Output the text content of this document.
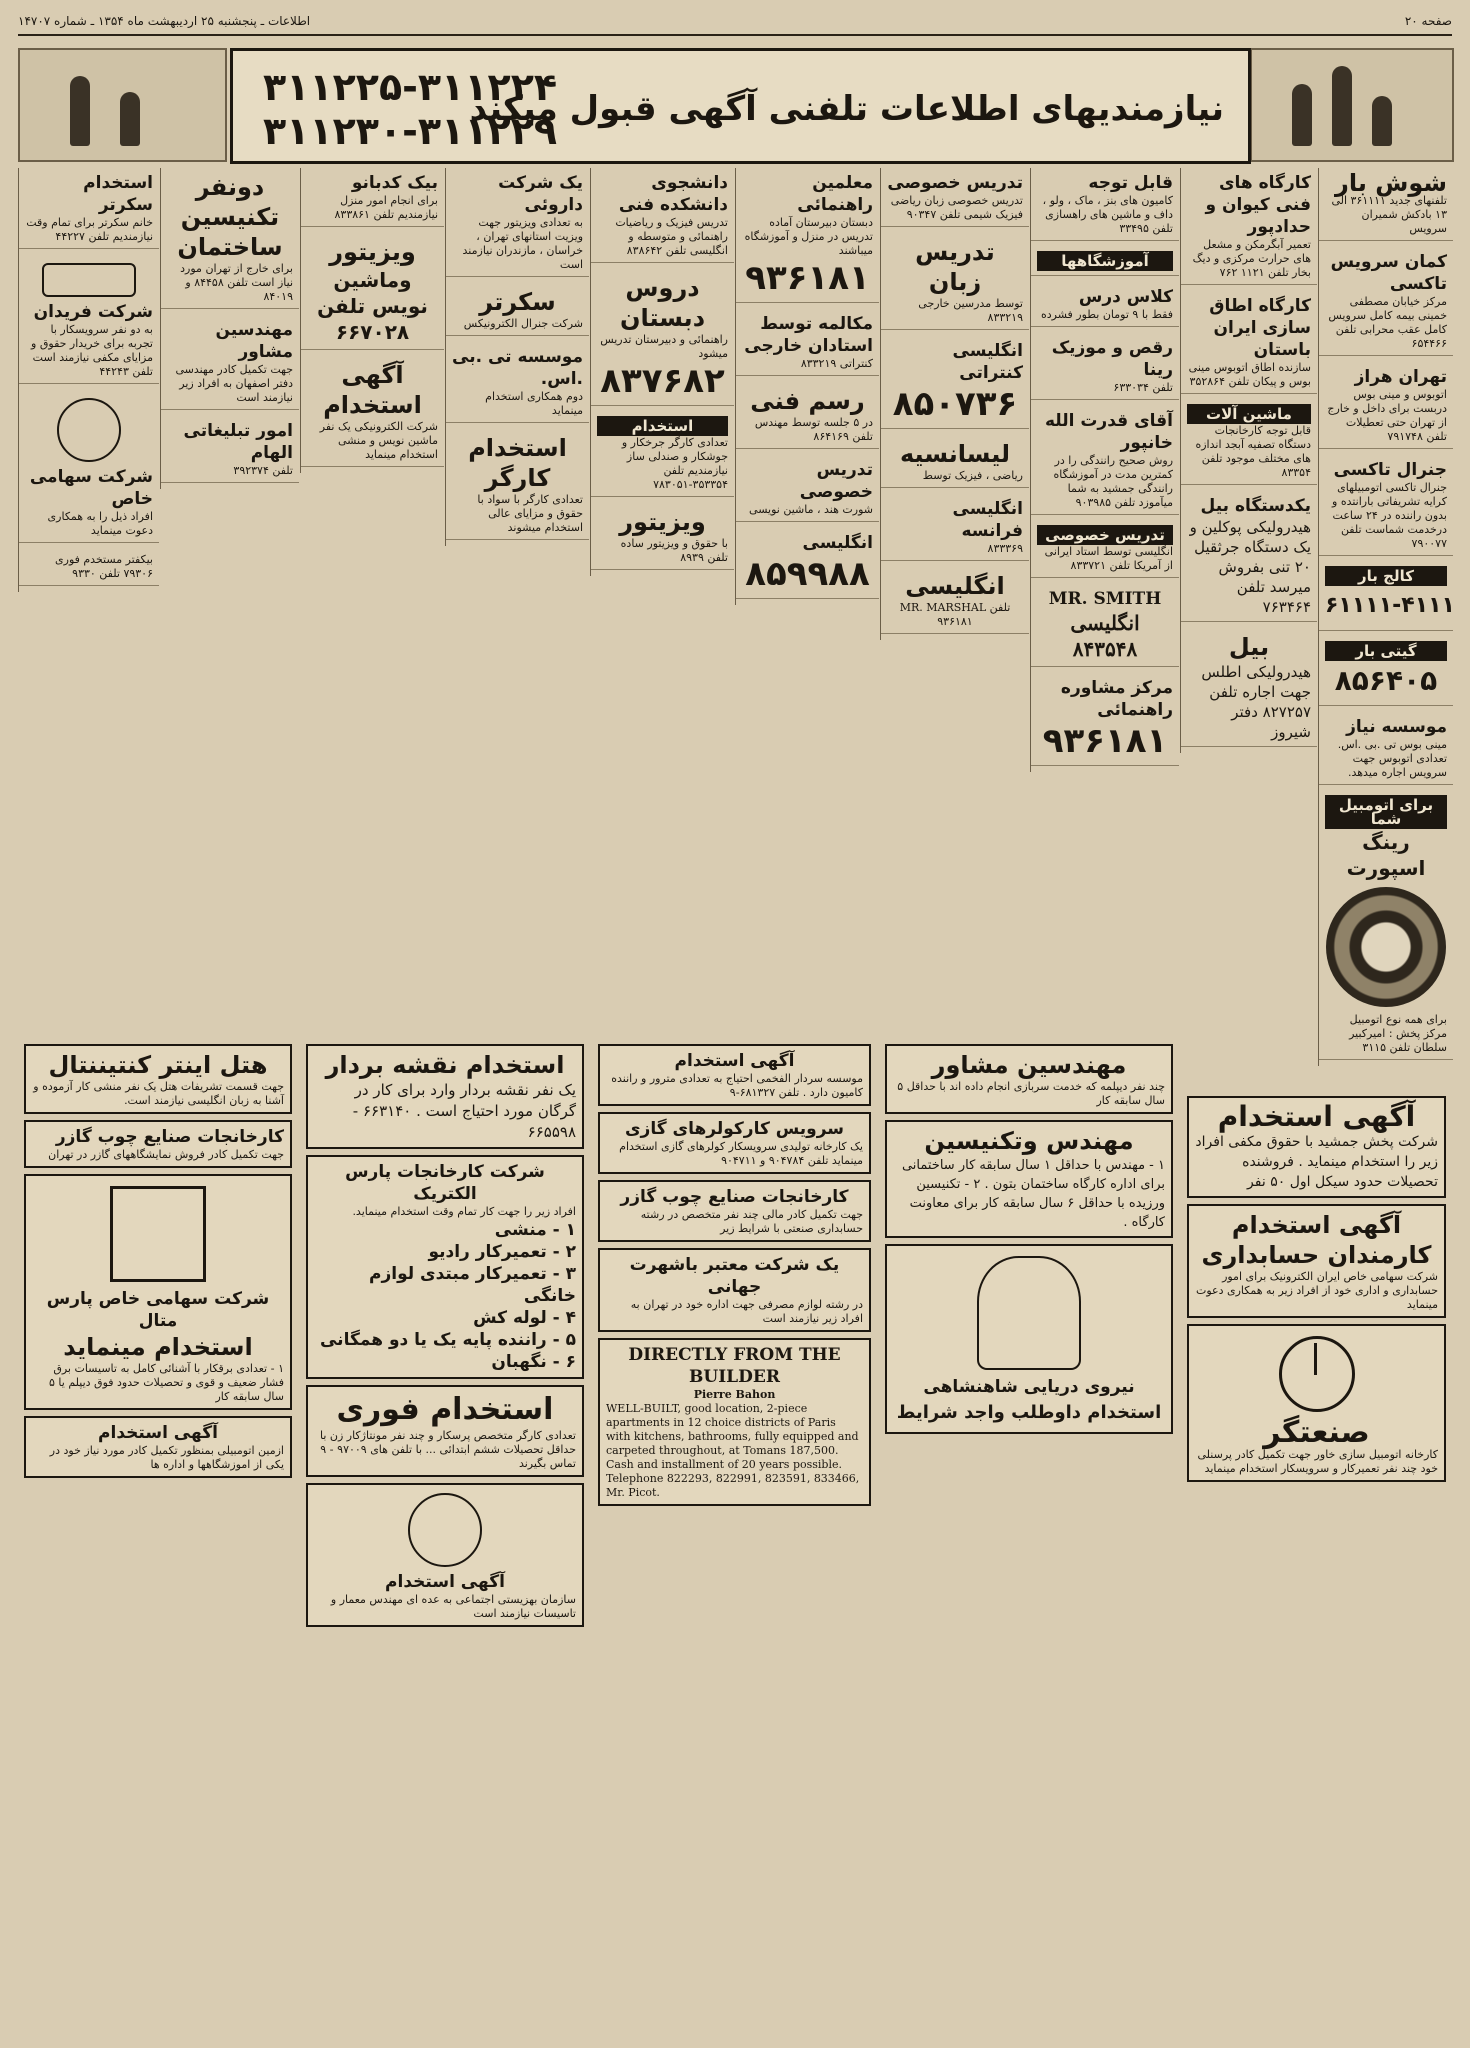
صفحه ۲۰
اطلاعات ـ پنجشنبه ۲۵ اردیبهشت ماه ۱۳۵۴ ـ شماره ۱۴۷۰۷
نیازمندیهای اطلاعات تلفنی آگهی قبول میکند
۳۱۱۲۲۵-۳۱۱۲۲۴
۳۱۱۲۳۰-۳۱۱۲۲۹
شوش بار
تلفنهای جدید ۳۶۱۱۱۱ الی ۱۳ بادکش شمیران سرویس
کمان سرویس تاکسی
مرکز خیابان مصطفی خمینی بیمه کامل سرویس کامل عقب محرابی تلفن ۶۵۴۴۶۶
تهران هراز
اتوبوس و مینی بوس دربست برای داخل و خارج از تهران حتی تعطیلات تلفن ۷۹۱۷۴۸
جنرال تاکسی
جنرال تاکسی اتومبیلهای کرایه تشریفاتی بارانتده و بدون راننده در ۲۴ ساعت درخدمت شماست تلفن ۷۹۰۰۷۷
کالج بار
۶۱۱۱۱-۴۱۱۱
گیتی بار
۸۵۶۴۰۵
موسسه نیاز
مینی بوس تی .بی .اس. تعدادی اتوبوس جهت سرویس اجاره میدهد.
برای اتومبیل شما
رینگ اسپورت
برای همه نوع اتومبیل مرکز پخش : امیرکبیر سلطان تلفن ۳۱۱۵
کارگاه های فنی کیوان و حدادپور
تعمیر آبگرمکن و مشعل های حرارت مرکزی و دیگ بخار تلفن ۱۱۲۱ ۷۶۲
کارگاه اطاق سازی ایران باستان
سازنده اطاق اتوبوس مینی بوس و پیکان تلفن ۳۵۲۸۶۴
ماشین آلات
قابل توجه کارخانجات دستگاه تصفیه آبجد اندازه های مختلف موجود تلفن ۸۳۳۵۴
یکدستگاه بیل
هیدرولیکی پوکلین و یک دستگاه جرثقیل ۲۰ تنی بفروش میرسد تلفن ۷۶۳۴۶۴
بیل
هیدرولیکی اطلس جهت اجاره تلفن ۸۲۷۲۵۷ دفتر شیروز
قابل توجه
کامیون های بنز ، ماک ، ولو ، داف و ماشین های راهسازی تلفن ۳۳۴۹۵
آموزشگاهها
کلاس درس
فقط با ۹ تومان بطور فشرده
رقص و موزیک رینا
تلفن ۶۳۳۰۳۴
آقای قدرت الله خانپور
روش صحیح رانندگی را در کمترین مدت در آموزشگاه رانندگی جمشید به شما میآموزد تلفن ۹۰۳۹۸۵
تدریس خصوصی
انگلیسی توسط استاد ایرانی از آمریکا تلفن ۸۳۳۷۲۱
MR. SMITH
انگلیسی ۸۴۳۵۴۸
مرکز مشاوره راهنمائی
۹۳۶۱۸۱
تدریس خصوصی
تدریس خصوصی زبان ریاضی فیزیک شیمی تلفن ۹۰۳۴۷
تدریس زبان
توسط مدرسین خارجی ۸۳۳۲۱۹
انگلیسی کنتراتی
۸۵۰۷۳۶
لیسانسیه
ریاضی ، فیزیک توسط
انگلیسی فرانسه
۸۳۳۳۶۹
انگلیسی
MR. MARSHAL تلفن ۹۳۶۱۸۱
معلمین راهنمائی
دبستان دبیرستان آماده تدریس در منزل و آموزشگاه میباشند
۹۳۶۱۸۱
مکالمه توسط استادان خارجی
کنتراتی ۸۳۳۲۱۹
رسم فنی
در ۵ جلسه توسط مهندس تلفن ۸۶۴۱۶۹
تدریس خصوصی
شورت هند ، ماشین نویسی
انگلیسی
۸۵۹۹۸۸
دانشجوی دانشکده فنی
تدریس فیزیک و ریاضیات راهنمائی و متوسطه و انگلیسی تلفن ۸۳۸۶۴۲
دروس دبستان
راهنمائی و دبیرستان تدریس میشود
۸۳۷۶۸۲
استخدام
تعدادی کارگر جرخکار و جوشکار و صندلی ساز نیازمندیم تلفن ۳۵۳۳۵۴-۷۸۳۰۵۱
ویزیتور
با حقوق و ویزیتور ساده تلفن ۸۹۳۹
یک شرکت داروئی
به تعدادی ویزیتور جهت ویزیت استانهای تهران ، خراسان ، مازندران نیازمند است
سکرتر
شرکت جنرال الکترونیکس
موسسه تی .بی .اس.
دوم همکاری استخدام مینماید
استخدام کارگر
تعدادی کارگر با سواد با حقوق و مزایای عالی استخدام میشوند
بیک کدبانو
برای انجام امور منزل نیازمندیم تلفن ۸۳۳۸۶۱
ویزیتور
وماشین نویس تلفن ۶۶۷۰۲۸
آگهی استخدام
شرکت الکترونیکی یک نفر ماشین نویس و منشی استخدام مینماید
دونفر تکنیسین ساختمان
برای خارج از تهران مورد نیاز است تلفن ۸۴۴۵۸ و ۸۴۰۱۹
مهندسین مشاور
جهت تکمیل کادر مهندسی دفتر اصفهان به افراد زیر نیازمند است
امور تبلیغاتی الهام
تلفن ۳۹۲۳۷۴
استخدام سکرتر
خانم سکرتر برای تمام وقت نیازمندیم تلفن ۴۴۲۲۷
شرکت فریدان
به دو نفر سرویسکار با تجربه برای خریدار حقوق و مزایای مکفی نیازمند است تلفن ۴۴۲۴۳
شرکت سهامی خاص
افراد ذیل را به همکاری دعوت مینماید
بیکفتر مستخدم فوری ۷۹۳۰۶ تلفن ۹۳۳۰
هتل اینتر کنتیننتال
جهت قسمت تشریفات هتل یک نفر منشی کار آزموده و آشنا به زبان انگلیسی نیازمند است.
کارخانجات صنایع چوب گازر
جهت تکمیل کادر فروش نمایشگاههای گازر در تهران
شرکت سهامی خاص پارس متال
استخدام مینماید
۱ - تعدادی برقکار با آشنائی کامل به تاسیسات برق فشار ضعیف و قوی و تحصیلات حدود فوق دیپلم یا ۵ سال سابقه کار
آگهی استخدام
ازمین اتومبیلی بمنظور تکمیل کادر مورد نیاز خود در یکی از اموزشگاهها و اداره ها
استخدام نقشه بردار
یک نفر نقشه بردار وارد برای کار در گرگان مورد احتیاج است . ۶۶۳۱۴۰ - ۶۶۵۵۹۸
شرکت کارخانجات پارس الکتریک
افراد زیر را جهت کار تمام وقت استخدام مینماید.
۱ - منشی
۲ - تعمیرکار رادیو
۳ - تعمیرکار مبتدی لوازم خانگی
۴ - لوله کش
۵ - راننده پایه یک یا دو همگانی
۶ - نگهبان
استخدام فوری
تعدادی کارگر متخصص پرسکار و چند نفر مونتاژکار زن با حداقل تحصیلات ششم ابتدائی ... با تلفن های ۹۷۰۰۹ - ۹ تماس بگیرند
آگهی استخدام
سازمان بهزیستی اجتماعی به عده ای مهندس معمار و تاسیسات نیازمند است
آگهی استخدام
موسسه سردار الفخمی احتیاج به تعدادی مترور و راننده کامیون دارد . تلفن ۶۸۱۳۲۷-۹
سرویس کارکولرهای گازی
یک کارخانه تولیدی سرویسکار کولرهای گازی استخدام مینماید تلفن ۹۰۴۷۸۴ و ۹۰۴۷۱۱
کارخانجات صنایع چوب گازر
جهت تکمیل کادر مالی چند نفر متخصص در رشته حسابداری صنعتی با شرایط زیر
یک شرکت معتبر باشهرت جهانی
در رشته لوازم مصرفی جهت اداره خود در تهران به افراد زیر نیازمند است
DIRECTLY FROM THE BUILDER
Pierre Bahon
WELL-BUILT, good location, 2-piece apartments in 12 choice districts of Paris with kitchens, bathrooms, fully equipped and carpeted throughout, at Tomans 187,500. Cash and installment of 20 years possible. Telephone 822293, 822991, 823591, 833466, Mr. Picot.
مهندسین مشاور
چند نفر دیپلمه که خدمت سربازی انجام داده اند با حداقل ۵ سال سابقه کار
مهندس وتکنیسین
۱ - مهندس با حداقل ۱ سال سابقه کار ساختمانی برای اداره کارگاه ساختمان بتون . ۲ - تکنیسین ورزیده با حداقل ۶ سال سابقه کار برای معاونت کارگاه .
نیروی دریایی شاهنشاهی
استخدام داوطلب واجد شرایط
آگهی استخدام
شرکت پخش جمشید با حقوق مکفی افراد زیر را استخدام مینماید . فروشنده تحصیلات حدود سیکل اول ۵۰ نفر
آگهی استخدام کارمندان حسابداری
شرکت سهامی خاص ایران الکترونیک برای امور حسابداری و اداری خود از افراد زیر به همکاری دعوت مینماید
صنعتگر
کارخانه اتومبیل سازی خاور جهت تکمیل کادر پرسنلی خود چند نفر تعمیرکار و سرویسکار استخدام مینماید
